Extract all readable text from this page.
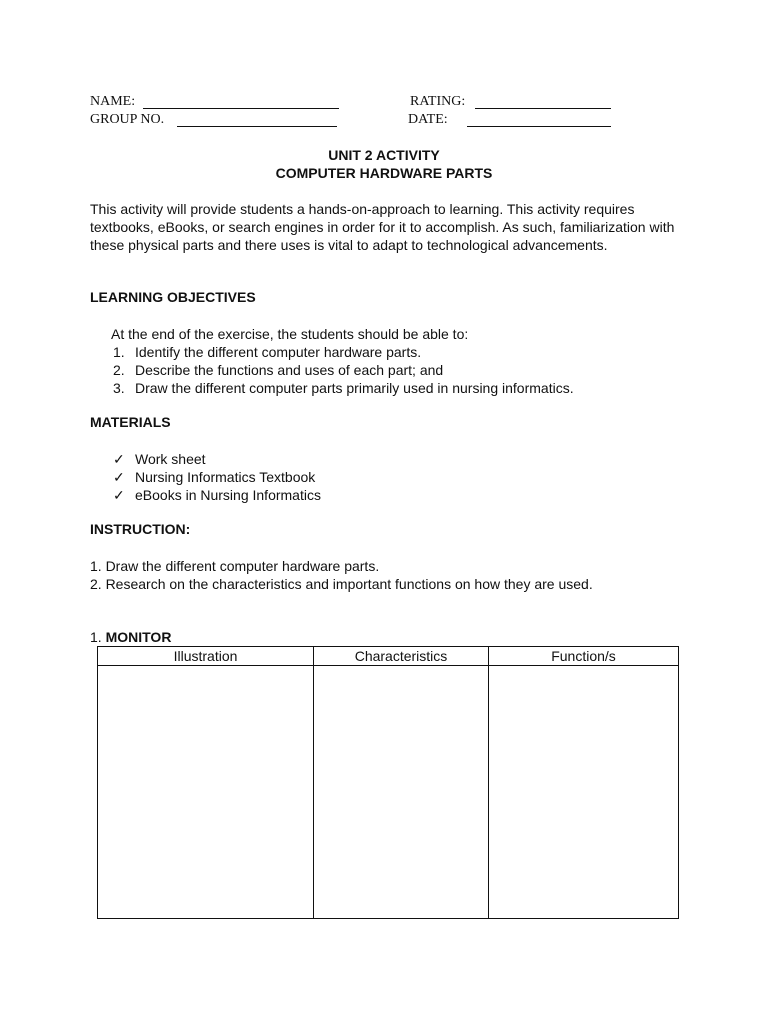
NAME:	RATING:
GROUP NO.	DATE:
UNIT 2 ACTIVITY
COMPUTER HARDWARE PARTS
This activity will provide students a hands-on-approach to learning. This activity requires textbooks, eBooks, or search engines in order for it to accomplish. As such, familiarization with these physical parts and there uses is vital to adapt to technological advancements.
LEARNING OBJECTIVES
At the end of the exercise, the students should be able to:
1. Identify the different computer hardware parts.
2. Describe the functions and uses of each part; and
3. Draw the different computer parts primarily used in nursing informatics.
MATERIALS
✓ Work sheet
✓ Nursing Informatics Textbook
✓ eBooks in Nursing Informatics
INSTRUCTION:
1. Draw the different computer hardware parts.
2. Research on the characteristics and important functions on how they are used.
1. MONITOR
Illustration	Characteristics	Function/s
